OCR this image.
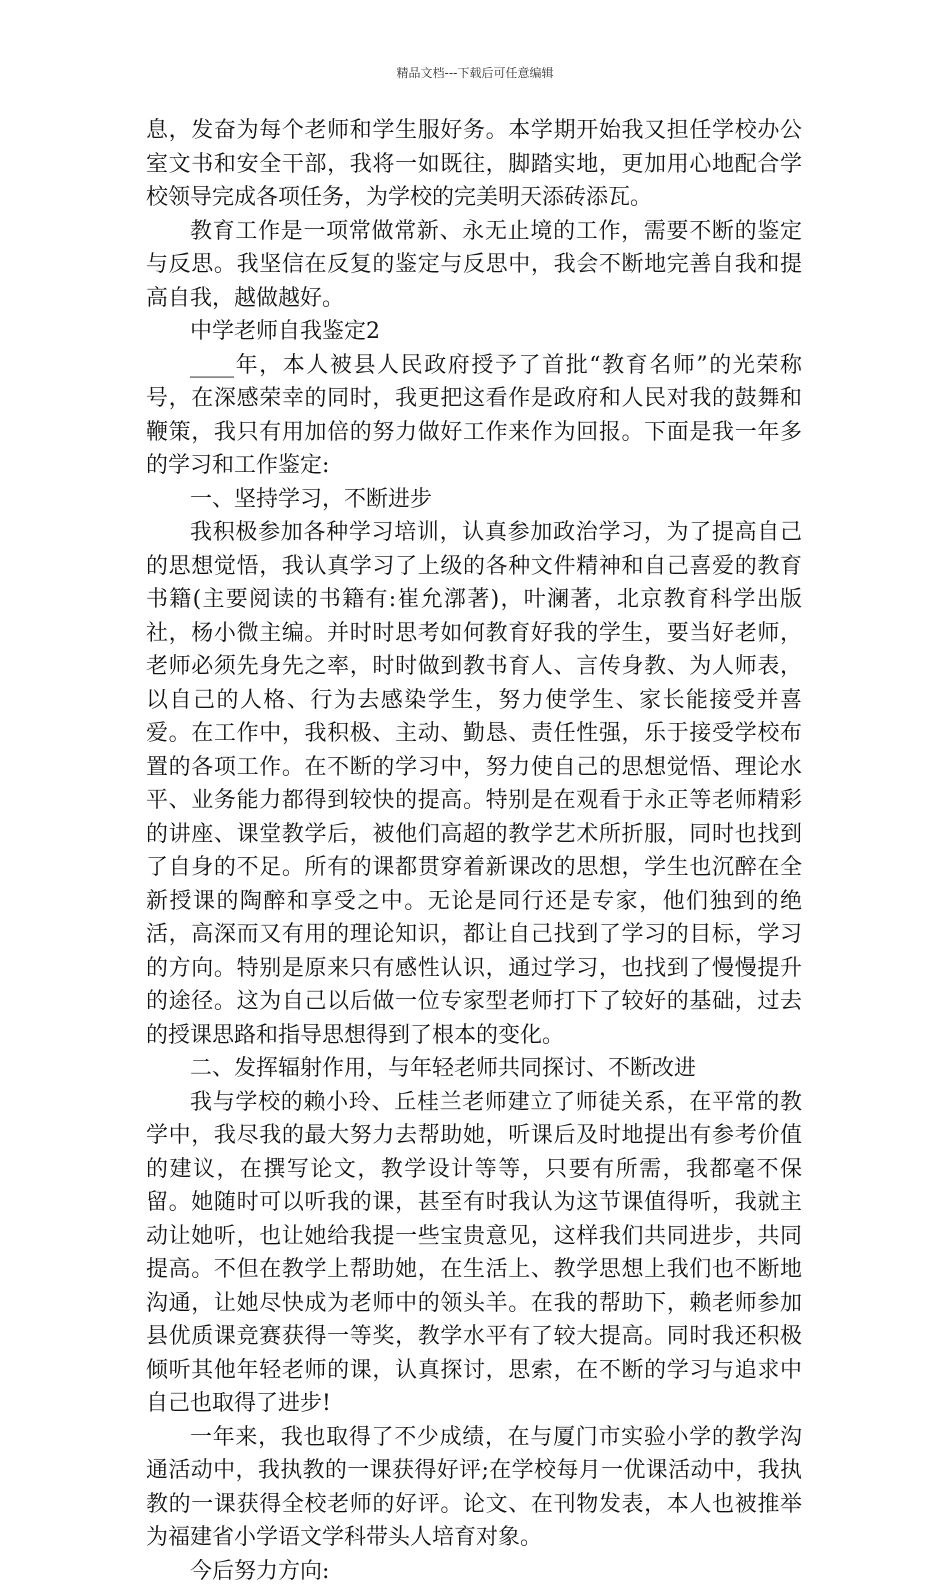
精品文档---下载后可任意编辑

息，发奋为每个老师和学生服好务。本学期开始我又担任学校办公室文书和安全干部，我将一如既往，脚踏实地，更加用心地配合学校领导完成各项任务，为学校的完美明天添砖添瓦。

教育工作是一项常做常新、永无止境的工作，需要不断的鉴定与反思。我坚信在反复的鉴定与反思中，我会不断地完善自我和提高自我，越做越好。

中学老师自我鉴定2

____年，本人被县人民政府授予了首批“教育名师”的光荣称号，在深感荣幸的同时，我更把这看作是政府和人民对我的鼓舞和鞭策，我只有用加倍的努力做好工作来作为回报。下面是我一年多的学习和工作鉴定:

一、坚持学习，不断进步

我积极参加各种学习培训，认真参加政治学习，为了提高自己的思想觉悟，我认真学习了上级的各种文件精神和自己喜爱的教育书籍(主要阅读的书籍有:崔允漷著)，叶澜著，北京教育科学出版社，杨小微主编。并时时思考如何教育好我的学生，要当好老师，老师必须先身先之率，时时做到教书育人、言传身教、为人师表，以自己的人格、行为去感染学生，努力使学生、家长能接受并喜爱。在工作中，我积极、主动、勤恳、责任性强，乐于接受学校布置的各项工作。在不断的学习中，努力使自己的思想觉悟、理论水平、业务能力都得到较快的提高。特别是在观看于永正等老师精彩的讲座、课堂教学后，被他们高超的教学艺术所折服，同时也找到了自身的不足。所有的课都贯穿着新课改的思想，学生也沉醉在全新授课的陶醉和享受之中。无论是同行还是专家，他们独到的绝活，高深而又有用的理论知识，都让自己找到了学习的目标，学习的方向。特别是原来只有感性认识，通过学习，也找到了慢慢提升的途径。这为自己以后做一位专家型老师打下了较好的基础，过去的授课思路和指导思想得到了根本的变化。

二、发挥辐射作用，与年轻老师共同探讨、不断改进

我与学校的赖小玲、丘桂兰老师建立了师徒关系，在平常的教学中，我尽我的最大努力去帮助她，听课后及时地提出有参考价值的建议，在撰写论文，教学设计等等，只要有所需，我都毫不保留。她随时可以听我的课，甚至有时我认为这节课值得听，我就主动让她听，也让她给我提一些宝贵意见，这样我们共同进步，共同提高。不但在教学上帮助她，在生活上、教学思想上我们也不断地沟通，让她尽快成为老师中的领头羊。在我的帮助下，赖老师参加县优质课竞赛获得一等奖，教学水平有了较大提高。同时我还积极倾听其他年轻老师的课，认真探讨，思索，在不断的学习与追求中自己也取得了进步!

一年来，我也取得了不少成绩，在与厦门市实验小学的教学沟通活动中，我执教的一课获得好评;在学校每月一优课活动中，我执教的一课获得全校老师的好评。论文、在刊物发表，本人也被推举为福建省小学语文学科带头人培育对象。

今后努力方向:
